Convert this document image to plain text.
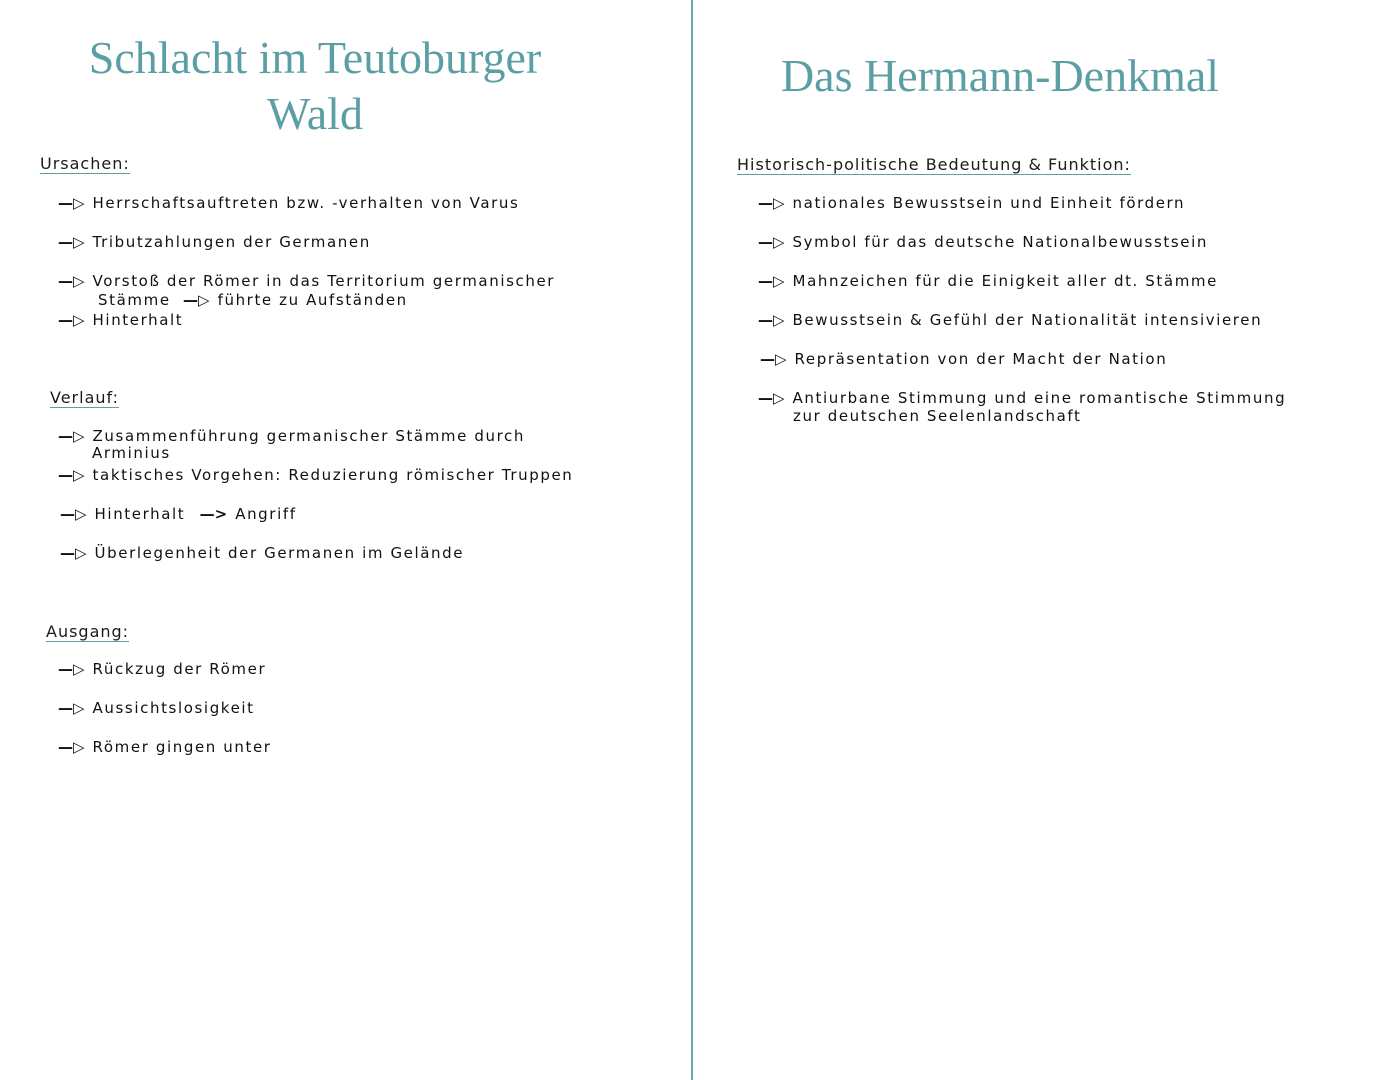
Schlacht im Teutoburger
Wald
Ursachen:
—▷ Herrschaftsauftreten bzw. -verhalten von Varus
—▷ Tributzahlungen der Germanen
—▷ Vorstoß der Römer in das Territorium germanischer
Stämme —▷ führte zu Aufständen
—▷ Hinterhalt
Verlauf:
—▷ Zusammenführung germanischer Stämme durch
Arminius
—▷ taktisches Vorgehen: Reduzierung römischer Truppen
—▷ Hinterhalt —> Angriff
—▷ Überlegenheit der Germanen im Gelände
Ausgang:
—▷ Rückzug der Römer
—▷ Aussichtslosigkeit
—▷ Römer gingen unter
Das Hermann-Denkmal
Historisch-politische Bedeutung & Funktion:
—▷ nationales Bewusstsein und Einheit fördern
—▷ Symbol für das deutsche Nationalbewusstsein
—▷ Mahnzeichen für die Einigkeit aller dt. Stämme
—▷ Bewusstsein & Gefühl der Nationalität intensivieren
—▷ Repräsentation von der Macht der Nation
—▷ Antiurbane Stimmung und eine romantische Stimmung
zur deutschen Seelenlandschaft
